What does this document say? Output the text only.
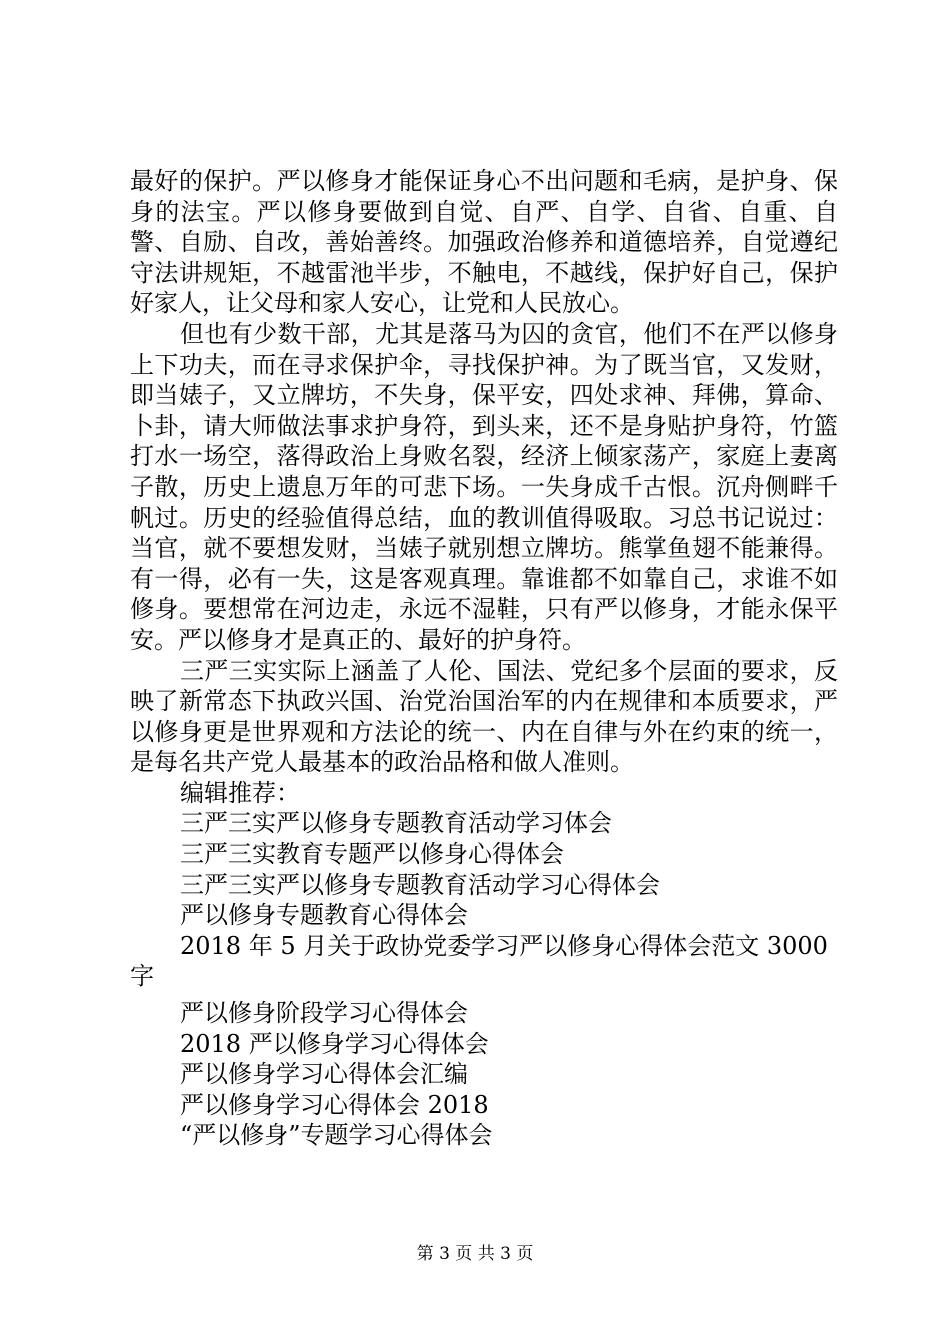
最好的保护。严以修身才能保证身心不出问题和毛病，是护身、保身的法宝。严以修身要做到自觉、自严、自学、自省、自重、自警、自励、自改，善始善终。加强政治修养和道德培养，自觉遵纪守法讲规矩，不越雷池半步，不触电，不越线，保护好自己，保护好家人，让父母和家人安心，让党和人民放心。

但也有少数干部，尤其是落马为囚的贪官，他们不在严以修身上下功夫，而在寻求保护伞，寻找保护神。为了既当官，又发财，即当婊子，又立牌坊，不失身，保平安，四处求神、拜佛，算命、卜卦，请大师做法事求护身符，到头来，还不是身贴护身符，竹篮打水一场空，落得政治上身败名裂，经济上倾家荡产，家庭上妻离子散，历史上遗息万年的可悲下场。一失身成千古恨。沉舟侧畔千帆过。历史的经验值得总结，血的教训值得吸取。习总书记说过：当官，就不要想发财，当婊子就别想立牌坊。熊掌鱼翅不能兼得。有一得，必有一失，这是客观真理。靠谁都不如靠自己，求谁不如修身。要想常在河边走，永远不湿鞋，只有严以修身，才能永保平安。严以修身才是真正的、最好的护身符。

三严三实实际上涵盖了人伦、国法、党纪多个层面的要求，反映了新常态下执政兴国、治党治国治军的内在规律和本质要求，严以修身更是世界观和方法论的统一、内在自律与外在约束的统一，是每名共产党人最基本的政治品格和做人准则。

编辑推荐：

三严三实严以修身专题教育活动学习体会

三严三实教育专题严以修身心得体会

三严三实严以修身专题教育活动学习心得体会

严以修身专题教育心得体会

2018 年 5 月关于政协党委学习严以修身心得体会范文 3000
字

严以修身阶段学习心得体会

2018 严以修身学习心得体会

严以修身学习心得体会汇编

严以修身学习心得体会 2018

“严以修身”专题学习心得体会

第 3 页 共 3 页
